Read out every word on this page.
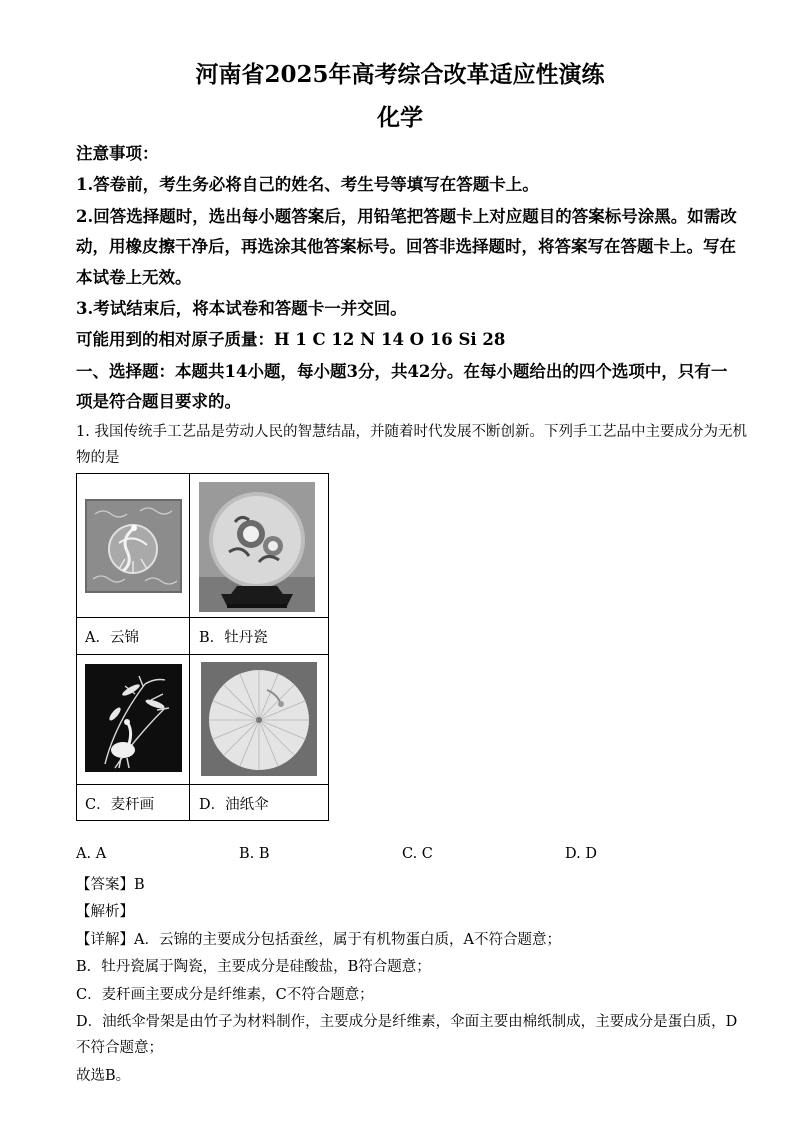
河南省2025年高考综合改革适应性演练
化学
注意事项：
1.答卷前，考生务必将自己的姓名、考生号等填写在答题卡上。
2.回答选择题时，选出每小题答案后，用铅笔把答题卡上对应题目的答案标号涂黑。如需改
动，用橡皮擦干净后，再选涂其他答案标号。回答非选择题时，将答案写在答题卡上。写在
本试卷上无效。
3.考试结束后，将本试卷和答题卡一并交回。
可能用到的相对原子质量：H 1 C 12 N 14 O 16 Si 28
一、选择题：本题共14小题，每小题3分，共42分。在每小题给出的四个选项中，只有一
项是符合题目要求的。
1. 我国传统手工艺品是劳动人民的智慧结晶，并随着时代发展不断创新。下列手工艺品中主要成分为无机
物的是
A．云锦	B．牡丹瓷
C．麦秆画	D．油纸伞
A. A	B. B	C. C	D. D
【答案】B
【解析】
【详解】A．云锦的主要成分包括蚕丝，属于有机物蛋白质，A不符合题意；
B．牡丹瓷属于陶瓷，主要成分是硅酸盐，B符合题意；
C．麦秆画主要成分是纤维素，C不符合题意；
D．油纸伞骨架是由竹子为材料制作，主要成分是纤维素，伞面主要由棉纸制成，主要成分是蛋白质，D
不符合题意；
故选B。
